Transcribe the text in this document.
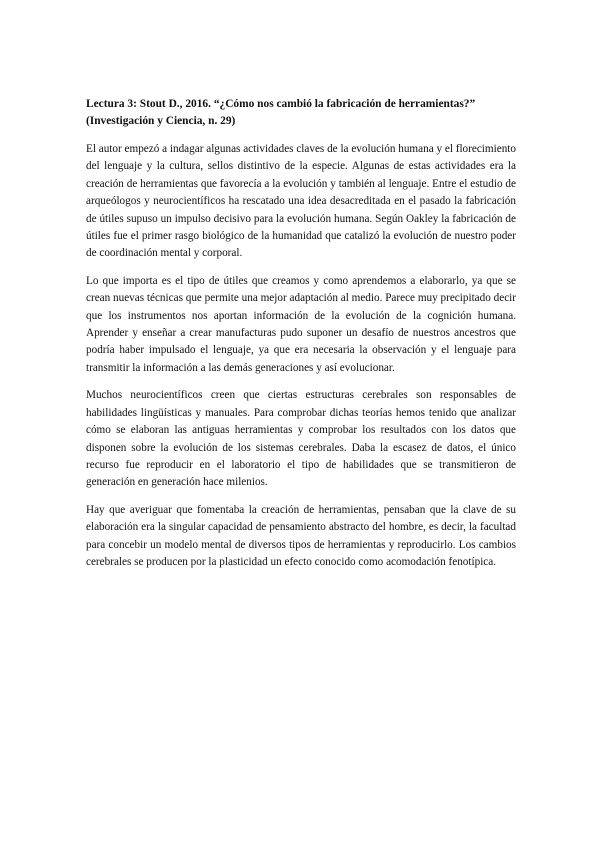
Lectura 3: Stout D., 2016. “¿Cómo nos cambió la fabricación de herramientas?”
(Investigación y Ciencia, n. 29)

El autor empezó a indagar algunas actividades claves de la evolución humana y el florecimiento del lenguaje y la cultura, sellos distintivo de la especie. Algunas de estas actividades era la creación de herramientas que favorecía a la evolución y también al lenguaje. Entre el estudio de arqueólogos y neurocientíficos ha rescatado una idea desacreditada en el pasado la fabricación de útiles supuso un impulso decisivo para la evolución humana. Según Oakley la fabricación de útiles fue el primer rasgo biológico de la humanidad que catalizó la evolución de nuestro poder de coordinación mental y corporal.

Lo que importa es el tipo de útiles que creamos y como aprendemos a elaborarlo, ya que se crean nuevas técnicas que permite una mejor adaptación al medio. Parece muy precipitado decir que los instrumentos nos aportan información de la evolución de la cognición humana. Aprender y enseñar a crear manufacturas pudo suponer un desafío de nuestros ancestros que podría haber impulsado el lenguaje, ya que era necesaria la observación y el lenguaje para transmitir la información a las demás generaciones y así evolucionar.

Muchos neurocientíficos creen que ciertas estructuras cerebrales son responsables de habilidades lingüísticas y manuales. Para comprobar dichas teorías hemos tenido que analizar cómo se elaboran las antiguas herramientas y comprobar los resultados con los datos que disponen sobre la evolución de los sistemas cerebrales. Daba la escasez de datos, el único recurso fue reproducir en el laboratorio el tipo de habilidades que se transmitieron de generación en generación hace milenios.

Hay que averiguar que fomentaba la creación de herramientas, pensaban que la clave de su elaboración era la singular capacidad de pensamiento abstracto del hombre, es decir, la facultad para concebir un modelo mental de diversos tipos de herramientas y reproducirlo. Los cambios cerebrales se producen por la plasticidad un efecto conocido como acomodación fenotípica.
